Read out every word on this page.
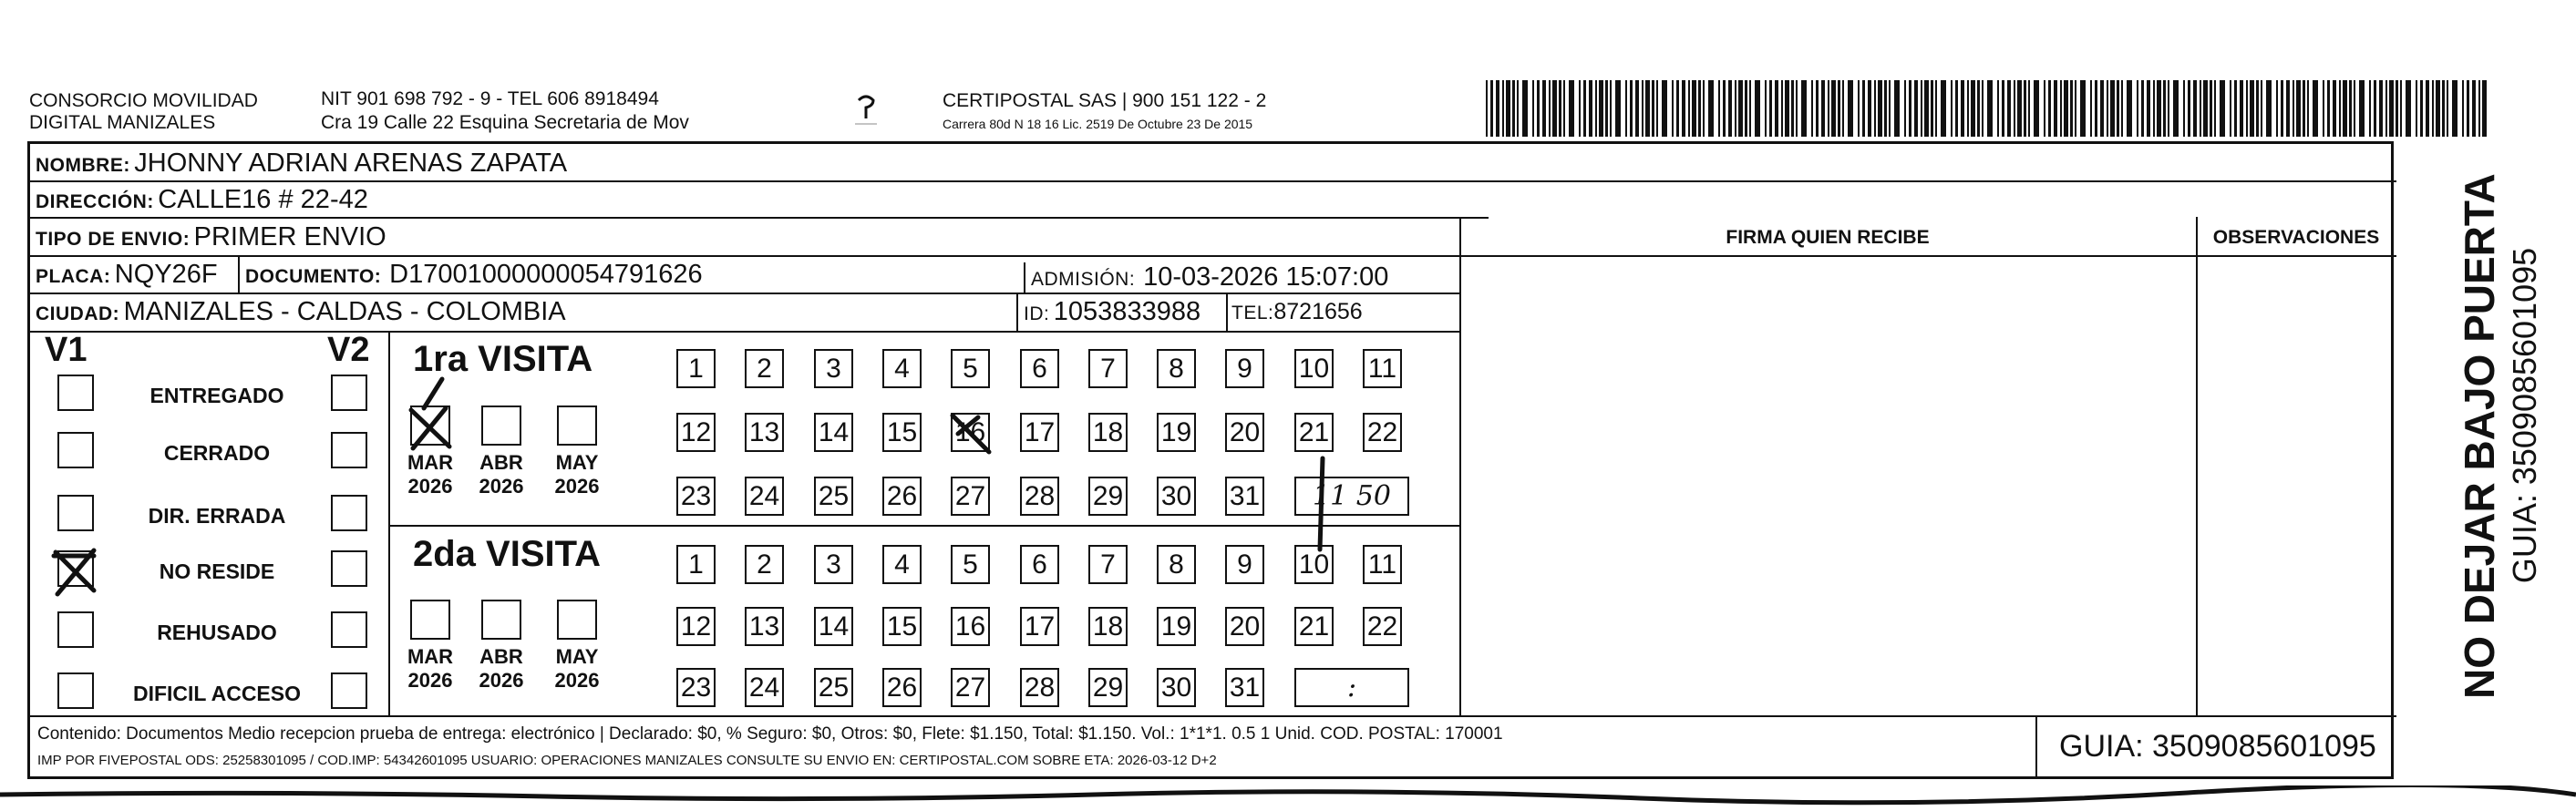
CONSORCIO MOVILIDAD
DIGITAL MANIZALES
NIT 901 698 792 - 9 - TEL 606 8918494
Cra 19 Calle 22 Esquina Secretaria de Mov
CERTIPOSTAL SAS | 900 151 122 - 2
Carrera 80d N 18 16 Lic. 2519 De Octubre 23 De 2015
NOMBRE: JHONNY ADRIAN ARENAS ZAPATA
DIRECCIÓN: CALLE16 # 22-42
TIPO DE ENVIO: PRIMER ENVIO
PLACA: NQY26F DOCUMENTO: D17001000000054791626	ADMISIÓN: 10-03-2026 15:07:00
CIUDAD: MANIZALES - CALDAS - COLOMBIA	ID: 1053833988 TEL:8721656
FIRMA QUIEN RECIBE	OBSERVACIONES
V1	V2
ENTREGADO
CERRADO
DIR. ERRADA
NO RESIDE
REHUSADO
DIFICIL ACCESO
1ra VISITA
2da VISITA
MAR
2026
ABR
2026
MAY
2026
MAR
2026
ABR
2026
MAY
2026
1	2	3	4	5	6	7	8	9	10 11
12 13 14 15 16 17 18 19 20 21 22
23 24 25 26 27 28 29 30 31	11 50
1	2	3	4	5	6	7	8	9	10 11
12 13 14 15 16 17 18 19 20 21 22
23 24 25 26 27 28 29 30 31	:
Contenido: Documentos Medio recepcion prueba de entrega: electrónico | Declarado: $0, % Seguro: $0, Otros: $0, Flete: $1.150, Total: $1.150. Vol.: 1*1*1. 0.5 1 Unid. COD. POSTAL: 170001
IMP POR FIVEPOSTAL ODS: 25258301095 / COD.IMP: 54342601095 USUARIO: OPERACIONES MANIZALES CONSULTE SU ENVIO EN: CERTIPOSTAL.COM SOBRE ETA: 2026-03-12 D+2	GUIA: 3509085601095
NO DEJAR BAJO PUERTA GUIA: 3509085601095
